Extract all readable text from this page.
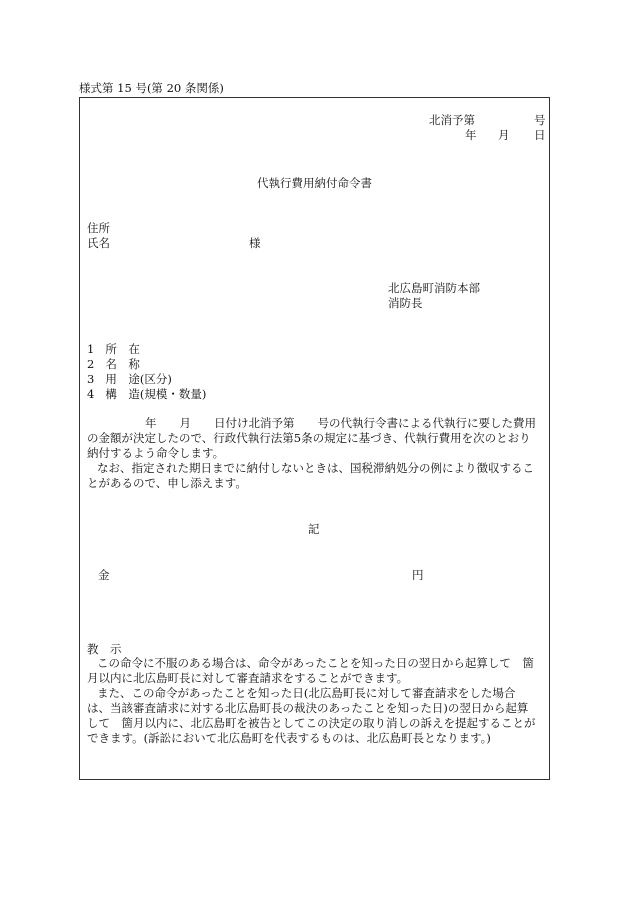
様式第 15 号(第 20 条関係)
北消予第	号
年 月 日
代執行費用納付命令書
住所
氏名	様
北広島町消防本部
消防長
1 所　在
2 名　称
3 用　途(区分)
4 構　造(規模・数量)
年　　月　　日付け北消予第　　号の代執行令書による代執行に要した費用
の金額が決定したので、行政代執行法第5条の規定に基づき、代執行費用を次のとおり
納付するよう命令します。
なお、指定された期日までに納付しないときは、国税滞納処分の例により徴収するこ
とがあるので、申し添えます。
記
金	円
教　示
この命令に不服のある場合は、命令があったことを知った日の翌日から起算して　箇
月以内に北広島町長に対して審査請求をすることができます。
また、この命令があったことを知った日(北広島町長に対して審査請求をした場合
は、当該審査請求に対する北広島町長の裁決のあったことを知った日)の翌日から起算
して　箇月以内に、北広島町を被告としてこの決定の取り消しの訴えを提起することが
できます。(訴訟において北広島町を代表するものは、北広島町長となります。)
